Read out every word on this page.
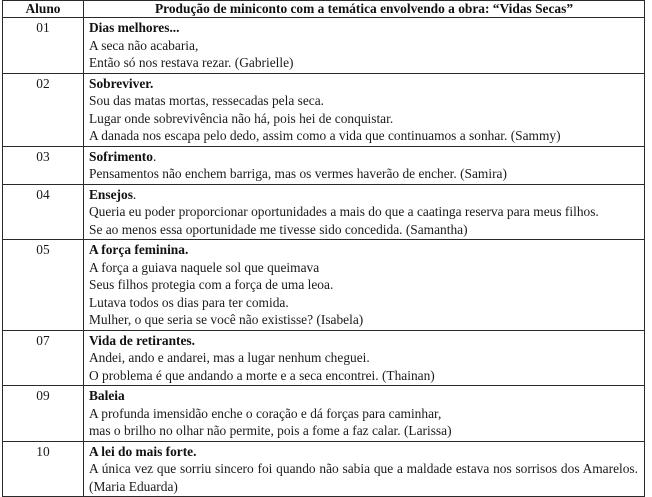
Aluno	Produção de miniconto com a temática envolvendo a obra: “Vidas Secas”
01	Dias melhores...
A seca não acabaria,
Então só nos restava rezar. (Gabrielle)

02	Sobreviver.
Sou das matas mortas, ressecadas pela seca.
Lugar onde sobrevivência não há, pois hei de conquistar.
A danada nos escapa pelo dedo, assim como a vida que continuamos a sonhar. (Sammy)

03	Sofrimento.
Pensamentos não enchem barriga, mas os vermes haverão de encher. (Samira)

04	Ensejos.
Queria eu poder proporcionar oportunidades a mais do que a caatinga reserva para meus filhos.
Se ao menos essa oportunidade me tivesse sido concedida. (Samantha)

05	A força feminina.
A força a guiava naquele sol que queimava
Seus filhos protegia com a força de uma leoa.
Lutava todos os dias para ter comida.
Mulher, o que seria se você não existisse? (Isabela)

07	Vida de retirantes.
Andei, ando e andarei, mas a lugar nenhum cheguei.
O problema é que andando a morte e a seca encontrei. (Thainan)

09	Baleia
A profunda imensidão enche o coração e dá forças para caminhar,
mas o brilho no olhar não permite, pois a fome a faz calar. (Larissa)

10	A lei do mais forte.
A única vez que sorriu sincero foi quando não sabia que a maldade estava nos sorrisos dos Amarelos. (Maria Eduarda)
